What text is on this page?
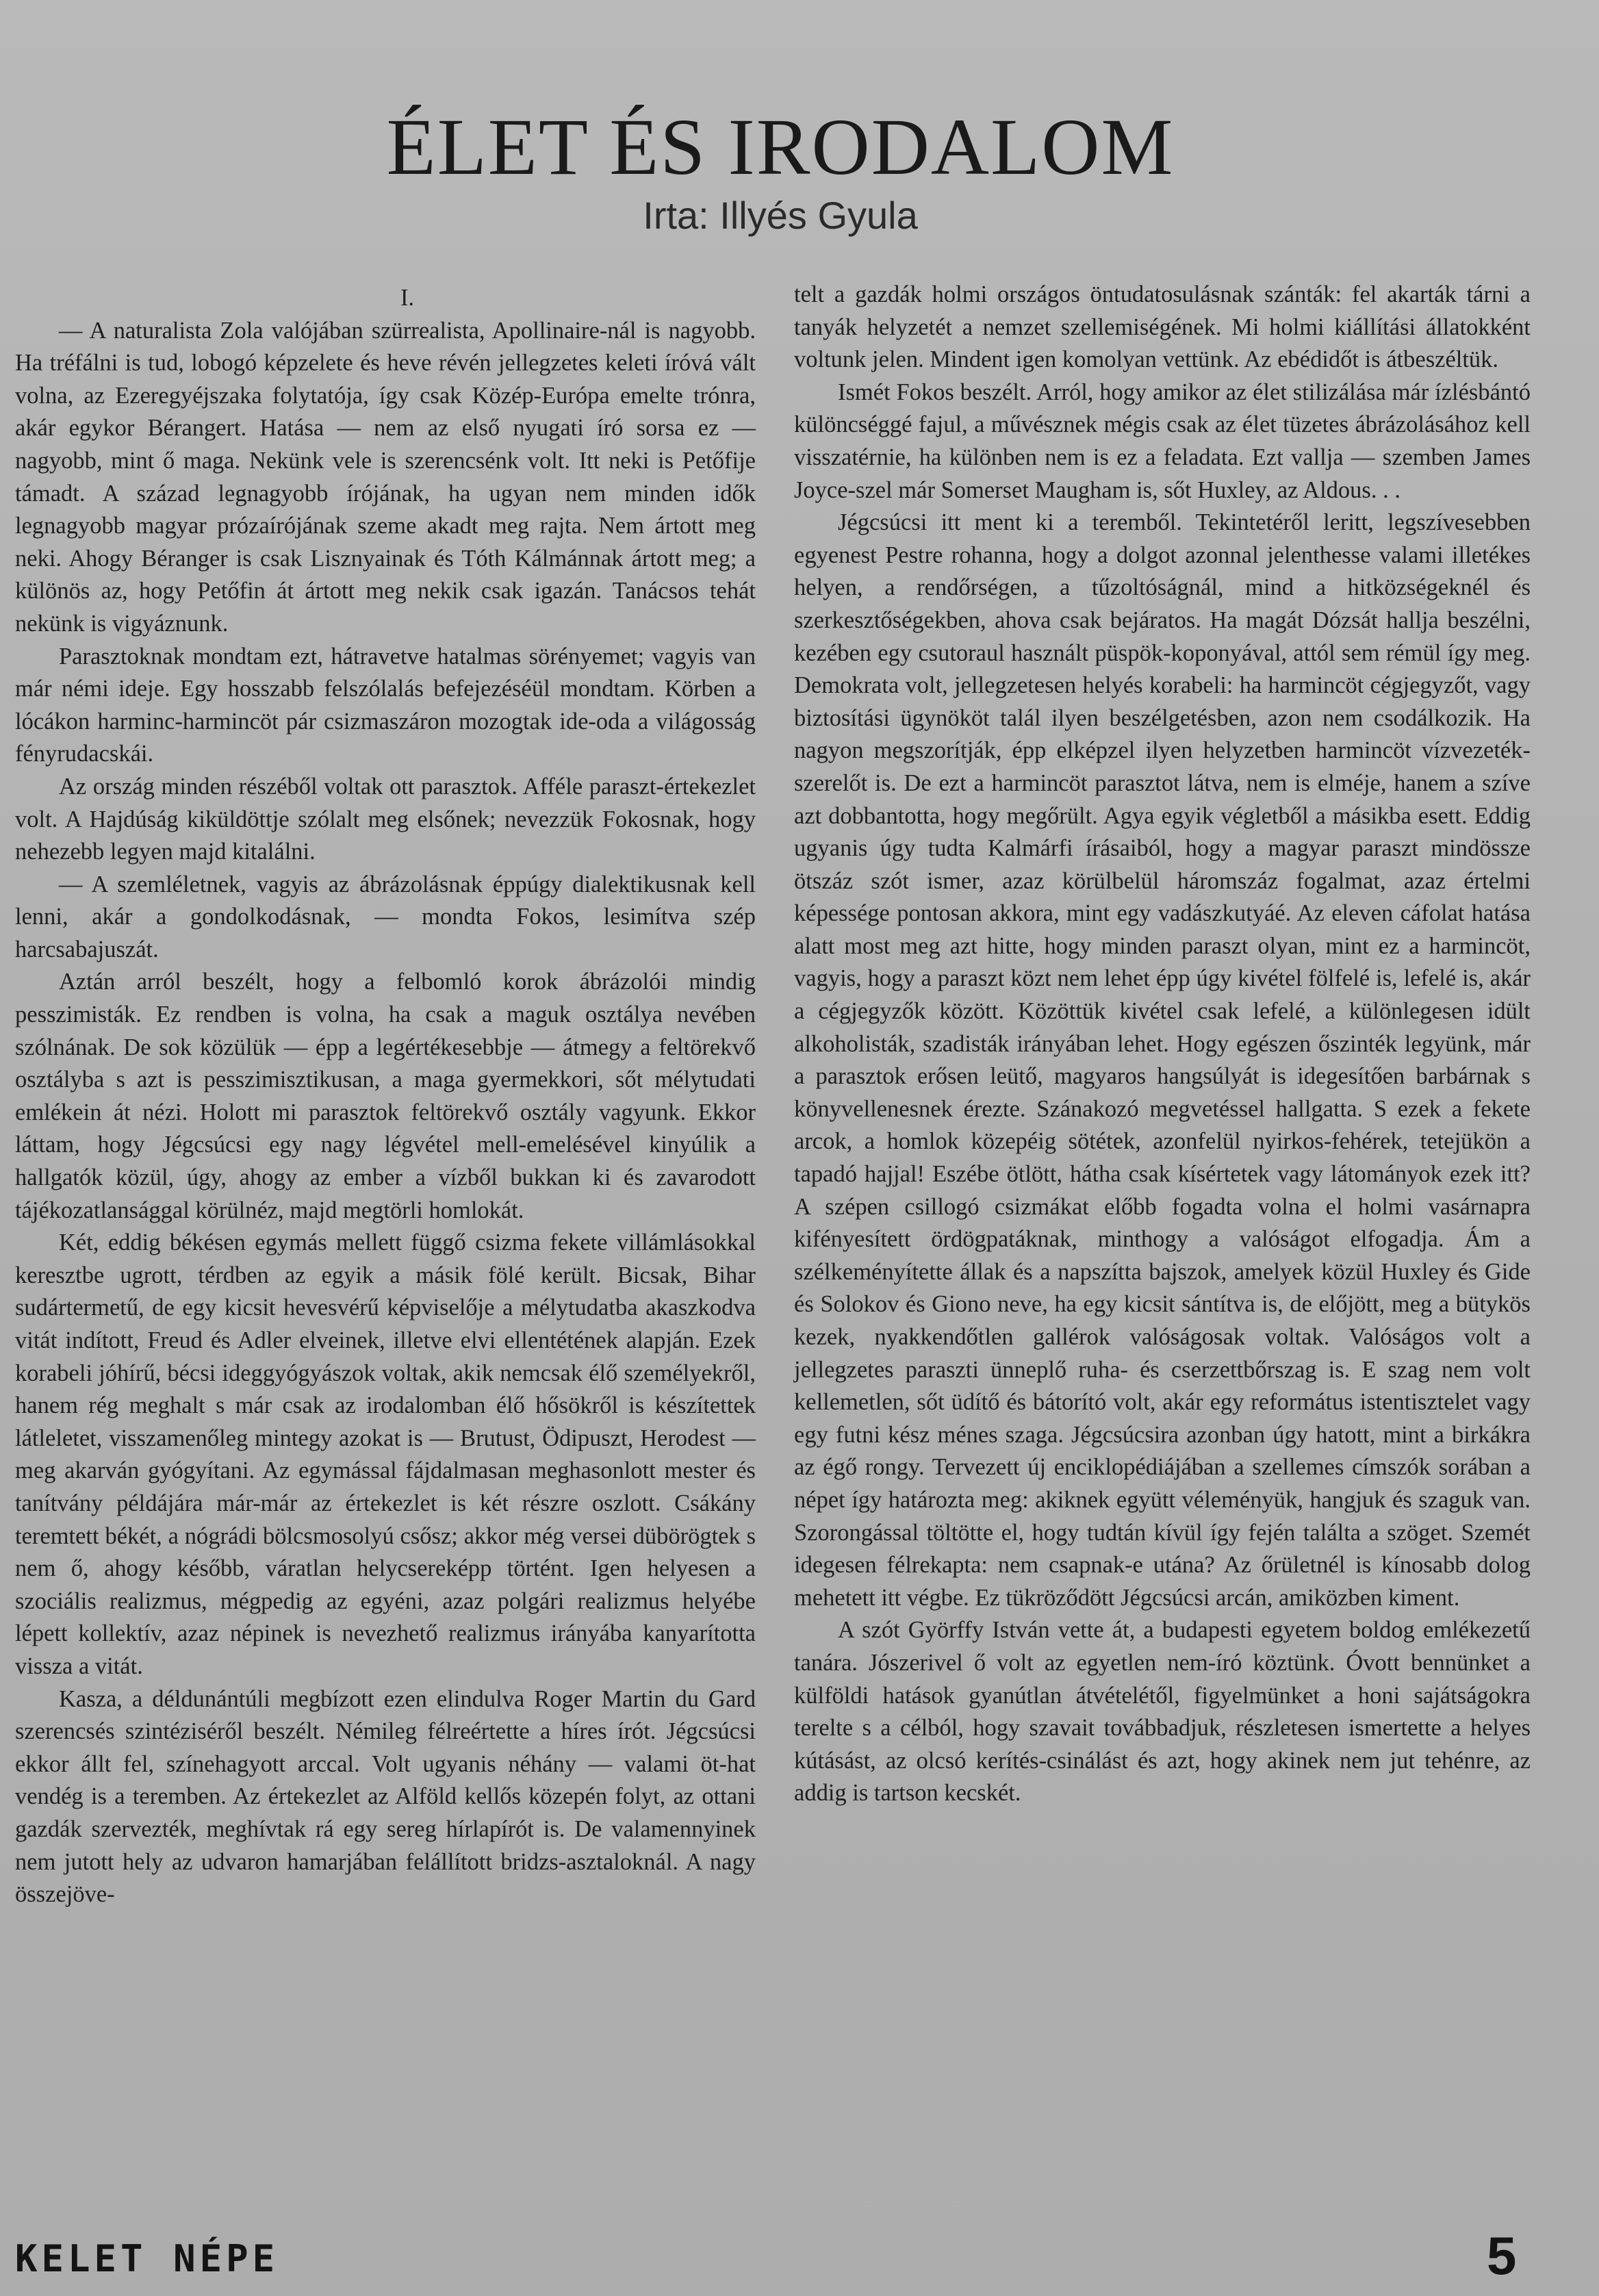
ÉLET ÉS IRODALOM
Irta: Illyés Gyula

I.

— A naturalista Zola valójában szürrealista, Apollinaire-nál is nagyobb. Ha tréfálni is tud, lobogó képzelete és heve révén jellegzetes keleti íróvá vált volna, az Ezeregyéjszaka folytatója, így csak Közép-Európa emelte trónra, akár egykor Bérangert. Hatása — nem az első nyugati író sorsa ez — nagyobb, mint ő maga. Nekünk vele is szerencsénk volt. Itt neki is Petőfije támadt. A század legnagyobb írójának, ha ugyan nem minden idők legnagyobb magyar prózaírójának szeme akadt meg rajta. Nem ártott meg neki. Ahogy Béranger is csak Lisznyainak és Tóth Kálmánnak ártott meg; a különös az, hogy Petőfin át ártott meg nekik csak igazán. Tanácsos tehát nekünk is vigyáznunk.

Parasztoknak mondtam ezt, hátravetve hatalmas sörényemet; vagyis van már némi ideje. Egy hosszabb felszólalás befejezéséül mondtam. Körben a lócákon harminc-harmincöt pár csizmaszáron mozogtak ide-oda a világosság fényrudacskái.

Az ország minden részéből voltak ott parasztok. Afféle paraszt-értekezlet volt. A Hajdúság kiküldöttje szólalt meg elsőnek; nevezzük Fokosnak, hogy nehezebb legyen majd kitalálni.

— A szemléletnek, vagyis az ábrázolásnak éppúgy dialektikusnak kell lenni, akár a gondolkodásnak, — mondta Fokos, lesimítva szép harcsabajuszát.

Aztán arról beszélt, hogy a felbomló korok ábrázolói mindig pesszimisták. Ez rendben is volna, ha csak a maguk osztálya nevében szólnának. De sok közülük — épp a legértékesebbje — átmegy a feltörekvő osztályba s azt is pesszimisztikusan, a maga gyermekkori, sőt mélytudati emlékein át nézi. Holott mi parasztok feltörekvő osztály vagyunk. Ekkor láttam, hogy Jégcsúcsi egy nagy légvétel mell-emelésével kinyúlik a hallgatók közül, úgy, ahogy az ember a vízből bukkan ki és zavarodott tájékozatlansággal körülnéz, majd megtörli homlokát.

Két, eddig békésen egymás mellett függő csizma fekete villámlásokkal keresztbe ugrott, térdben az egyik a másik fölé került. Bicsak, Bihar sudártermetű, de egy kicsit hevesvérű képviselője a mélytudatba akaszkodva vitát indított, Freud és Adler elveinek, illetve elvi ellentétének alapján. Ezek korabeli jóhírű, bécsi ideggyógyászok voltak, akik nemcsak élő személyekről, hanem rég meghalt s már csak az irodalomban élő hősökről is készítettek látleletet, visszamenőleg mintegy azokat is — Brutust, Ödipuszt, Herodest — meg akarván gyógyítani. Az egymással fájdalmasan meghasonlott mester és tanítvány példájára már-már az értekezlet is két részre oszlott. Csákány teremtett békét, a nógrádi bölcsmosolyú csősz; akkor még versei dübörögtek s nem ő, ahogy később, váratlan helycsereképp történt. Igen helyesen a szociális realizmus, mégpedig az egyéni, azaz polgári realizmus helyébe lépett kollektív, azaz népinek is nevezhető realizmus irányába kanyarította vissza a vitát.

Kasza, a déldunántúli megbízott ezen elindulva Roger Martin du Gard szerencsés szintéziséről beszélt. Némileg félreértette a híres írót. Jégcsúcsi ekkor állt fel, színehagyott arccal. Volt ugyanis néhány — valami öt-hat vendég is a teremben. Az értekezlet az Alföld kellős közepén folyt, az ottani gazdák szervezték, meghívtak rá egy sereg hírlapírót is. De valamennyinek nem jutott hely az udvaron hamarjában felállított bridzs-asztaloknál. A nagy összejöve-

telt a gazdák holmi országos öntudatosulásnak szánták: fel akarták tárni a tanyák helyzetét a nemzet szellemiségének. Mi holmi kiállítási állatokként voltunk jelen. Mindent igen komolyan vettünk. Az ebédidőt is átbeszéltük.

Ismét Fokos beszélt. Arról, hogy amikor az élet stilizálása már ízlésbántó különcséggé fajul, a művésznek mégis csak az élet tüzetes ábrázolásához kell visszatérnie, ha különben nem is ez a feladata. Ezt vallja — szemben James Joyce-szel már Somerset Maugham is, sőt Huxley, az Aldous. . .

Jégcsúcsi itt ment ki a teremből. Tekintetéről leritt, legszívesebben egyenest Pestre rohanna, hogy a dolgot azonnal jelenthesse valami illetékes helyen, a rendőrségen, a tűzoltóságnál, mind a hitközségeknél és szerkesztőségekben, ahova csak bejáratos. Ha magát Dózsát hallja beszélni, kezében egy csutoraul használt püspök-koponyával, attól sem rémül így meg. Demokrata volt, jellegzetesen helyés korabeli: ha harmincöt cégjegyzőt, vagy biztosítási ügynököt talál ilyen beszélgetésben, azon nem csodálkozik. Ha nagyon megszorítják, épp elképzel ilyen helyzetben harmincöt vízvezeték-szerelőt is. De ezt a harmincöt parasztot látva, nem is elméje, hanem a szíve azt dobbantotta, hogy megőrült. Agya egyik végletből a másikba esett. Eddig ugyanis úgy tudta Kalmárfi írásaiból, hogy a magyar paraszt mindössze ötszáz szót ismer, azaz körülbelül háromszáz fogalmat, azaz értelmi képessége pontosan akkora, mint egy vadászkutyáé. Az eleven cáfolat hatása alatt most meg azt hitte, hogy minden paraszt olyan, mint ez a harmincöt, vagyis, hogy a paraszt közt nem lehet épp úgy kivétel fölfelé is, lefelé is, akár a cégjegyzők között. Közöttük kivétel csak lefelé, a különlegesen idült alkoholisták, szadisták irányában lehet. Hogy egészen őszinték legyünk, már a parasztok erősen leütő, magyaros hangsúlyát is idegesítően barbárnak s könyvellenesnek érezte. Szánakozó megvetéssel hallgatta. S ezek a fekete arcok, a homlok közepéig sötétek, azonfelül nyirkos-fehérek, tetejükön a tapadó hajjal! Eszébe ötlött, hátha csak kísértetek vagy látományok ezek itt? A szépen csillogó csizmákat előbb fogadta volna el holmi vasárnapra kifényesített ördögpatáknak, minthogy a valóságot elfogadja. Ám a szélkeményítette állak és a napszítta bajszok, amelyek közül Huxley és Gide és Solokov és Giono neve, ha egy kicsit sántítva is, de előjött, meg a bütykös kezek, nyakkendőtlen gallérok valóságosak voltak. Valóságos volt a jellegzetes paraszti ünneplő ruha- és cserzettbőrszag is. E szag nem volt kellemetlen, sőt üdítő és bátorító volt, akár egy református istentisztelet vagy egy futni kész ménes szaga. Jégcsúcsira azonban úgy hatott, mint a birkákra az égő rongy. Tervezett új enciklopédiájában a szellemes címszók sorában a népet így határozta meg: akiknek együtt véleményük, hangjuk és szaguk van. Szorongással töltötte el, hogy tudtán kívül így fején találta a szöget. Szemét idegesen félrekapta: nem csapnak-e utána? Az őrületnél is kínosabb dolog mehetett itt végbe. Ez tükröződött Jégcsúcsi arcán, amiközben kiment.

A szót Györffy István vette át, a budapesti egyetem boldog emlékezetű tanára. Jószerivel ő volt az egyetlen nem-író köztünk. Óvott bennünket a külföldi hatások gyanútlan átvételétől, figyelmünket a honi sajátságokra terelte s a célból, hogy szavait továbbadjuk, részletesen ismertette a helyes kútásást, az olcsó kerítés-csinálást és azt, hogy akinek nem jut tehénre, az addig is tartson kecskét.

KELET NÉPE	5
